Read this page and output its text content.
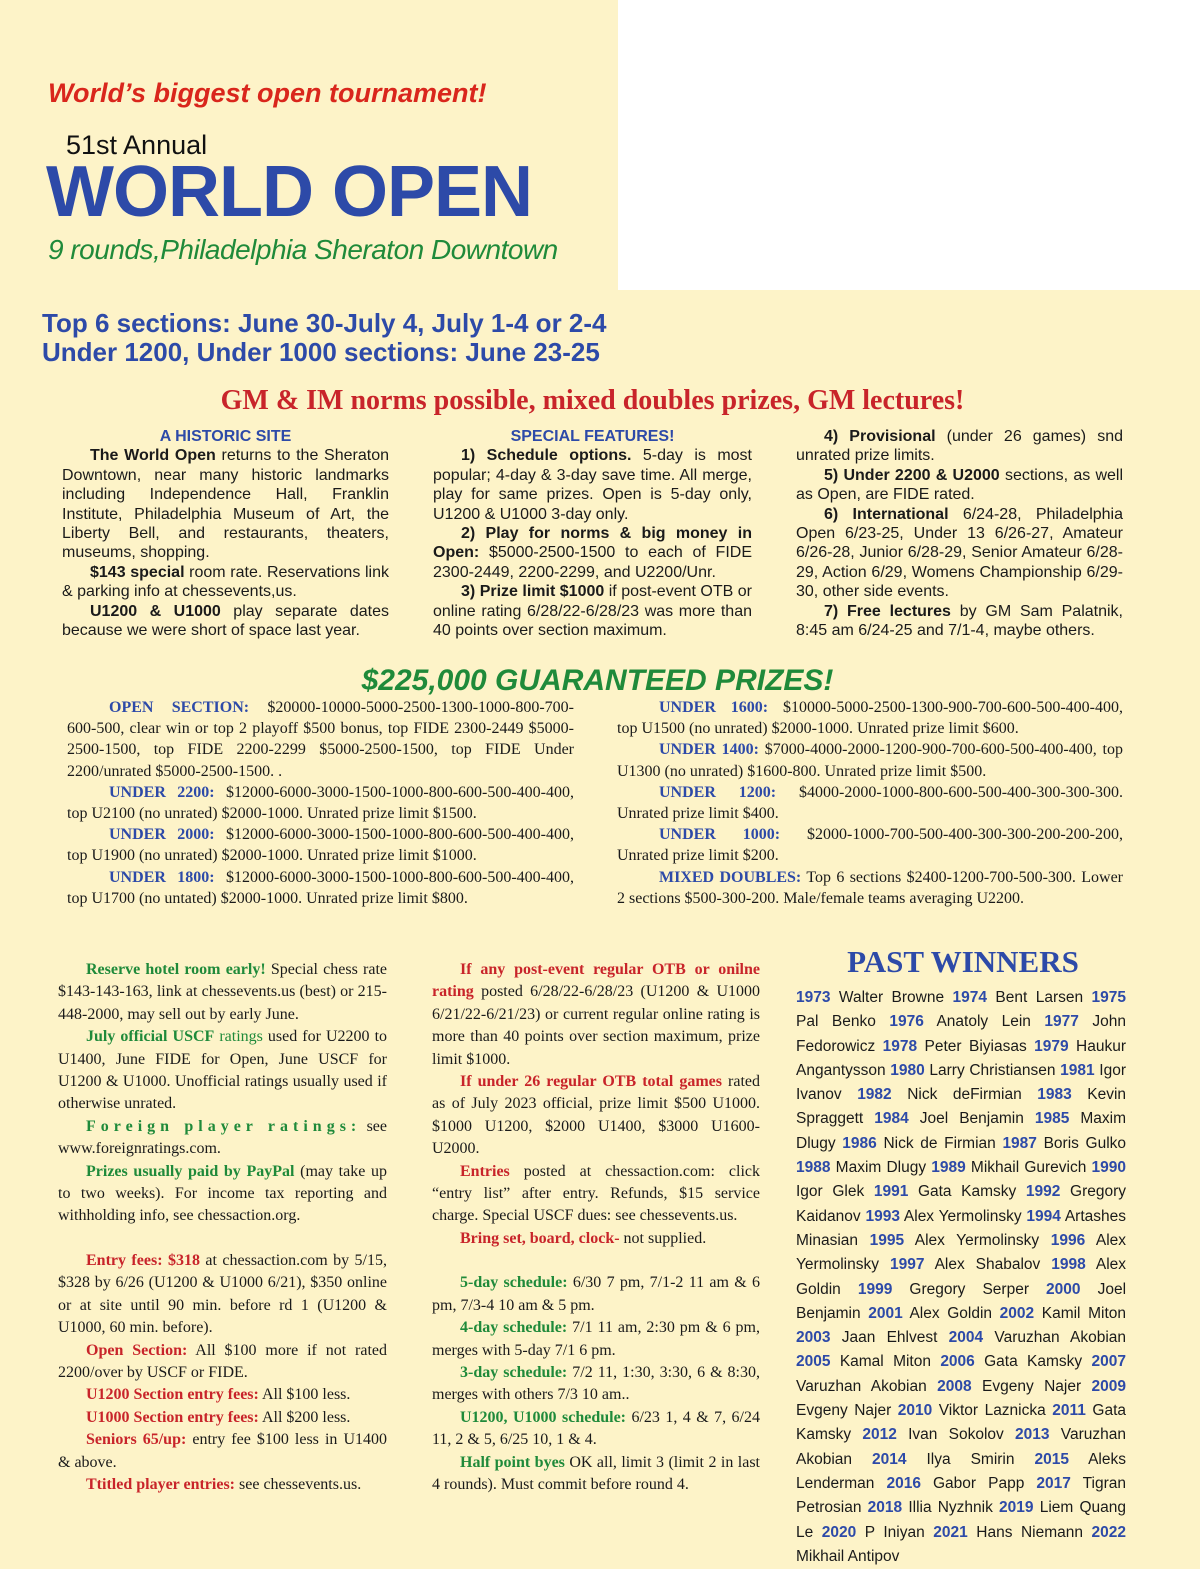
World’s biggest open tournament!
51st Annual
WORLD OPEN
9 rounds,Philadelphia Sheraton Downtown
Top 6 sections: June 30-July 4, July 1-4 or 2-4
Under 1200, Under 1000 sections: June 23-25
GM & IM norms possible, mixed doubles prizes, GM lectures!

A HISTORIC SITE

The World Open returns to the Sheraton Downtown, near many historic landmarks including Independence Hall, Franklin Institute, Philadelphia Museum of Art, the Liberty Bell, and restaurants, theaters, museums, shopping.

$143 special room rate. Reservations link & parking info at chessevents,us.

U1200 & U1000 play separate dates because we were short of space last year.

SPECIAL FEATURES!

1) Schedule options. 5-day is most popular; 4-day & 3-day save time. All merge, play for same prizes. Open is 5-day only, U1200 & U1000 3-day only.

2) Play for norms & big money in Open: $5000-2500-1500 to each of FIDE 2300-2449, 2200-2299, and U2200/Unr.

3) Prize limit $1000 if post-event OTB or online rating 6/28/22-6/28/23 was more than 40 points over section maximum.

4) Provisional (under 26 games) snd unrated prize limits.

5) Under 2200 & U2000 sections, as well as Open, are FIDE rated.

6) International 6/24-28, Philadelphia Open 6/23-25, Under 13 6/26-27, Amateur 6/26-28, Junior 6/28-29, Senior Amateur 6/28-29, Action 6/29, Womens Championship 6/29-30, other side events.

7) Free lectures by GM Sam Palatnik, 8:45 am 6/24-25 and 7/1-4, maybe others.

$225,000 GUARANTEED PRIZES!

OPEN SECTION: $20000-10000-5000-2500-1300-1000-800-700-600-500, clear win or top 2 playoff $500 bonus, top FIDE 2300-2449 $5000-2500-1500, top FIDE 2200-2299 $5000-2500-1500, top FIDE Under 2200/unrated $5000-2500-1500. .

UNDER 2200: $12000-6000-3000-1500-1000-800-600-500-400-400, top U2100 (no unrated) $2000-1000. Unrated prize limit $1500.

UNDER 2000: $12000-6000-3000-1500-1000-800-600-500-400-400, top U1900 (no unrated) $2000-1000. Unrated prize limit $1000.

UNDER 1800: $12000-6000-3000-1500-1000-800-600-500-400-400, top U1700 (no untated) $2000-1000. Unrated prize limit $800.

UNDER 1600: $10000-5000-2500-1300-900-700-600-500-400-400, top U1500 (no unrated) $2000-1000. Unrated prize limit $600.

UNDER 1400: $7000-4000-2000-1200-900-700-600-500-400-400, top U1300 (no unrated) $1600-800. Unrated prize limit $500.

UNDER 1200: $4000-2000-1000-800-600-500-400-300-300-300. Unrated prize limit $400.

UNDER 1000: $2000-1000-700-500-400-300-300-200-200-200, Unrated prize limit $200.

MIXED DOUBLES: Top 6 sections $2400-1200-700-500-300. Lower 2 sections $500-300-200. Male/female teams averaging U2200.

Reserve hotel room early! Special chess rate $143-143-163, link at chessevents.us (best) or 215-448-2000, may sell out by early June.

July official USCF ratings used for U2200 to U1400, June FIDE for Open, June USCF for U1200 & U1000. Unofficial ratings usually used if otherwise unrated.

Foreign player ratings: see www.foreignratings.com.

Prizes usually paid by PayPal (may take up to two weeks). For income tax reporting and withholding info, see chessaction.org.

Entry fees: $318 at chessaction.com by 5/15, $328 by 6/26 (U1200 & U1000 6/21), $350 online or at site until 90 min. before rd 1 (U1200 & U1000, 60 min. before).

Open Section: All $100 more if not rated 2200/over by USCF or FIDE.

U1200 Section entry fees: All $100 less.

U1000 Section entry fees: All $200 less.

Seniors 65/up: entry fee $100 less in U1400 & above.

Ttitled player entries: see chessevents.us.

If any post-event regular OTB or onilne rating posted 6/28/22-6/28/23 (U1200 & U1000 6/21/22-6/21/23) or current regular online rating is more than 40 points over section maximum, prize limit $1000.

If under 26 regular OTB total games rated as of July 2023 official, prize limit $500 U1000. $1000 U1200, $2000 U1400, $3000 U1600-U2000.

Entries posted at chessaction.com: click “entry list” after entry. Refunds, $15 service charge. Special USCF dues: see chessevents.us.

Bring set, board, clock- not supplied.

5-day schedule: 6/30 7 pm, 7/1-2 11 am & 6 pm, 7/3-4 10 am & 5 pm.

4-day schedule: 7/1 11 am, 2:30 pm & 6 pm, merges with 5-day 7/1 6 pm.

3-day schedule: 7/2 11, 1:30, 3:30, 6 & 8:30, merges with others 7/3 10 am..

U1200, U1000 schedule: 6/23 1, 4 & 7, 6/24 11, 2 & 5, 6/25 10, 1 & 4.

Half point byes OK all, limit 3 (limit 2 in last 4 rounds). Must commit before round 4.

PAST WINNERS
1973 Walter Browne 1974 Bent Larsen 1975 Pal Benko 1976 Anatoly Lein 1977 John Fedorowicz 1978 Peter Biyiasas 1979 Haukur Angantysson 1980 Larry Christiansen 1981 Igor Ivanov 1982 Nick deFirmian 1983 Kevin Spraggett 1984 Joel Benjamin 1985 Maxim Dlugy 1986 Nick de Firmian 1987 Boris Gulko 1988 Maxim Dlugy 1989 Mikhail Gurevich 1990 Igor Glek 1991 Gata Kamsky 1992 Gregory Kaidanov 1993 Alex Yermolinsky 1994 Artashes Minasian 1995 Alex Yermolinsky 1996 Alex Yermolinsky 1997 Alex Shabalov 1998 Alex Goldin 1999 Gregory Serper 2000 Joel Benjamin 2001 Alex Goldin 2002 Kamil Miton 2003 Jaan Ehlvest 2004 Varuzhan Akobian 2005 Kamal Miton 2006 Gata Kamsky 2007 Varuzhan Akobian 2008 Evgeny Najer 2009 Evgeny Najer 2010 Viktor Laznicka 2011 Gata Kamsky 2012 Ivan Sokolov 2013 Varuzhan Akobian 2014 Ilya Smirin 2015 Aleks Lenderman 2016 Gabor Papp 2017 Tigran Petrosian 2018 Illia Nyzhnik 2019 Liem Quang Le 2020 P Iniyan 2021 Hans Niemann 2022 Mikhail Antipov
